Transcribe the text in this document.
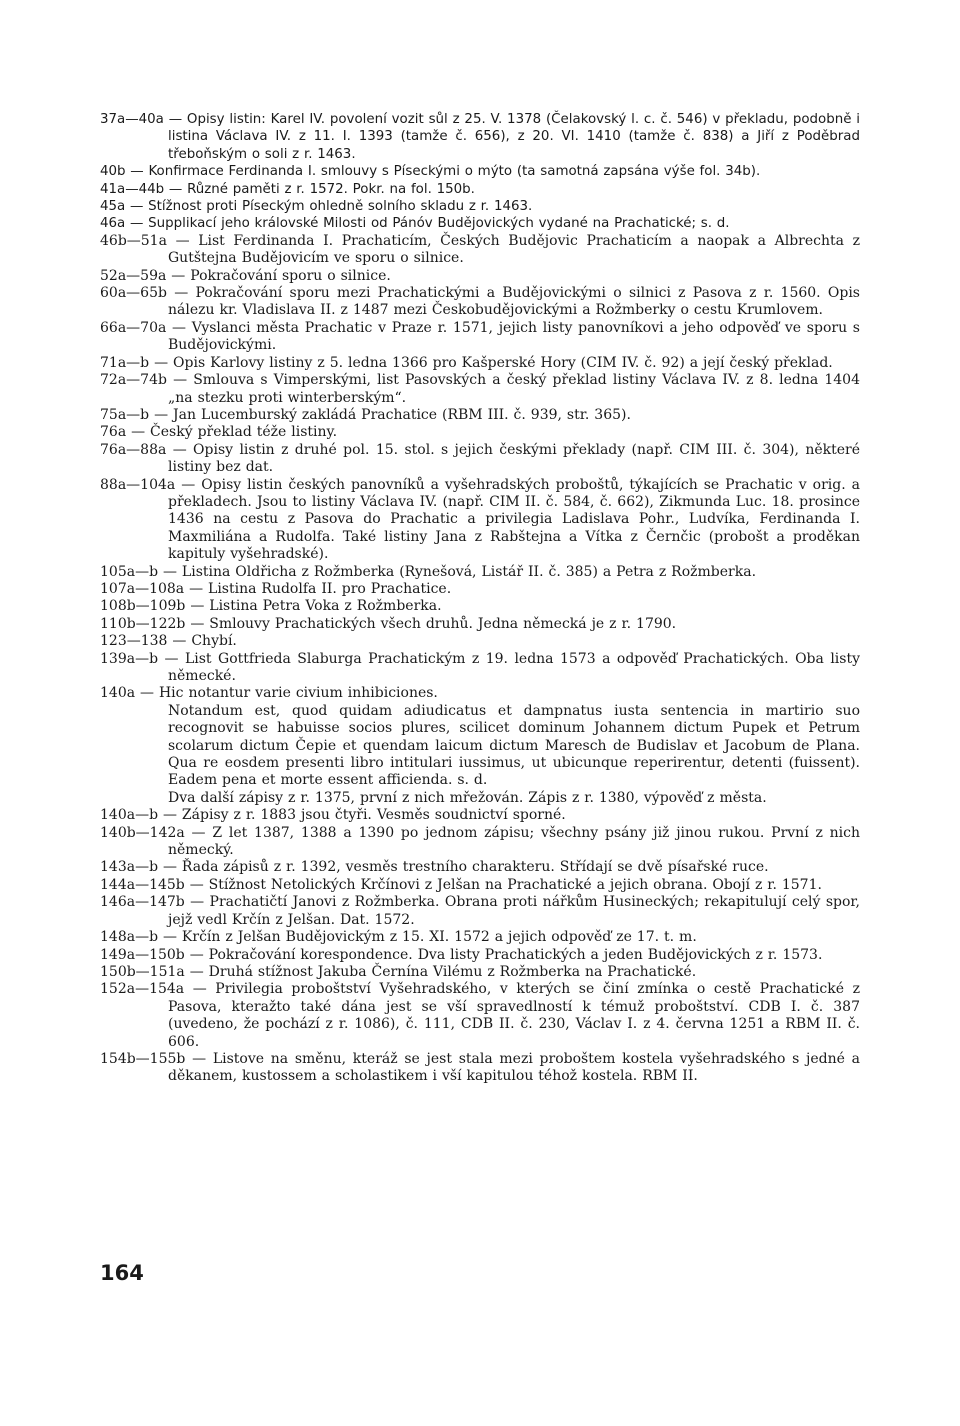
37a—40a — Opisy listin: Karel IV. povolení vozit sůl z 25. V. 1378 (Čelakovský l. c. č. 546) v překladu, podobně i listina Václava IV. z 11. I. 1393 (tamže č. 656), z 20. VI. 1410 (tamže č. 838) a Jiří z Poděbrad třeboňským o soli z r. 1463.

40b — Konfirmace Ferdinanda I. smlouvy s Píseckými o mýto (ta samotná zapsána výše fol. 34b).

41a—44b — Různé paměti z r. 1572. Pokr. na fol. 150b.

45a — Stížnost proti Píseckým ohledně solního skladu z r. 1463.

46a — Supplikací jeho královské Milosti od Pánóv Budějovických vydané na Prachatické; s. d.

46b—51a — List Ferdinanda I. Prachaticím, Českých Budějovic Prachaticím a naopak a Albrechta z Gutštejna Budějovicím ve sporu o silnice.

52a—59a — Pokračování sporu o silnice.

60a—65b — Pokračování sporu mezi Prachatickými a Budějovickými o silnici z Pasova z r. 1560. Opis nálezu kr. Vladislava II. z 1487 mezi Českobudějovickými a Rožmberky o cestu Krumlovem.

66a—70a — Vyslanci města Prachatic v Praze r. 1571, jejich listy panovníkovi a jeho odpověď ve sporu s Budějovickými.

71a—b — Opis Karlovy listiny z 5. ledna 1366 pro Kašperské Hory (CIM IV. č. 92) a její český překlad.

72a—74b — Smlouva s Vimperskými, list Pasovských a český překlad listiny Václava IV. z 8. ledna 1404 „na stezku proti winterberským“.

75a—b — Jan Lucemburský zakládá Prachatice (RBM III. č. 939, str. 365).

76a — Český překlad téže listiny.

76a—88a — Opisy listin z druhé pol. 15. stol. s jejich českými překlady (např. CIM III. č. 304), některé listiny bez dat.

88a—104a — Opisy listin českých panovníků a vyšehradských proboštů, týkajících se Prachatic v orig. a překladech. Jsou to listiny Václava IV. (např. CIM II. č. 584, č. 662), Zikmunda Luc. 18. prosince 1436 na cestu z Pasova do Prachatic a privilegia Ladislava Pohr., Ludvíka, Ferdinanda I. Maxmiliána a Rudolfa. Také listiny Jana z Rabštejna a Vítka z Černčic (probošt a proděkan kapituly vyšehradské).

105a—b — Listina Oldřicha z Rožmberka (Rynešová, Listář II. č. 385) a Petra z Rožmberka.

107a—108a — Listina Rudolfa II. pro Prachatice.

108b—109b — Listina Petra Voka z Rožmberka.

110b—122b — Smlouvy Prachatických všech druhů. Jedna německá je z r. 1790.

123—138 — Chybí.

139a—b — List Gottfrieda Slaburga Prachatickým z 19. ledna 1573 a odpověď Prachatických. Oba listy německé.

140a — Hic notantur varie civium inhibiciones.

Notandum est, quod quidam adiudicatus et dampnatus iusta sentencia in martirio suo recognovit se habuisse socios plures, scilicet dominum Johannem dictum Pupek et Petrum scolarum dictum Čepie et quendam laicum dictum Maresch de Budislav et Jacobum de Plana. Qua re eosdem presenti libro intitulari iussimus, ut ubicunque reperirentur, detenti (fuissent). Eadem pena et morte essent afficienda. s. d.

Dva další zápisy z r. 1375, první z nich mřežován. Zápis z r. 1380, výpověď z města.

140a—b — Zápisy z r. 1883 jsou čtyři. Vesměs soudnictví sporné.

140b—142a — Z let 1387, 1388 a 1390 po jednom zápisu; všechny psány již jinou rukou. První z nich německý.

143a—b — Řada zápisů z r. 1392, vesměs trestního charakteru. Střídají se dvě písařské ruce.

144a—145b — Stížnost Netolických Krčínovi z Jelšan na Prachatické a jejich obrana. Obojí z r. 1571.

146a—147b — Prachatičtí Janovi z Rožmberka. Obrana proti nářkům Husineckých; rekapitulují celý spor, jejž vedl Krčín z Jelšan. Dat. 1572.

148a—b — Krčín z Jelšan Budějovickým z 15. XI. 1572 a jejich odpověď ze 17. t. m.

149a—150b — Pokračování korespondence. Dva listy Prachatických a jeden Budějovických z r. 1573.

150b—151a — Druhá stížnost Jakuba Černína Vilému z Rožmberka na Prachatické.

152a—154a — Privilegia proboštství Vyšehradského, v kterých se činí zmínka o cestě Prachatické z Pasova, kteražto také dána jest se vší spravedlností k témuž proboštství. CDB I. č. 387 (uvedeno, že pochází z r. 1086), č. 111, CDB II. č. 230, Václav I. z 4. června 1251 a RBM II. č. 606.

154b—155b — Listove na směnu, kteráž se jest stala mezi proboštem kostela vyšehradského s jedné a děkanem, kustossem a scholastikem i vší kapitulou téhož kostela. RBM II.

164
